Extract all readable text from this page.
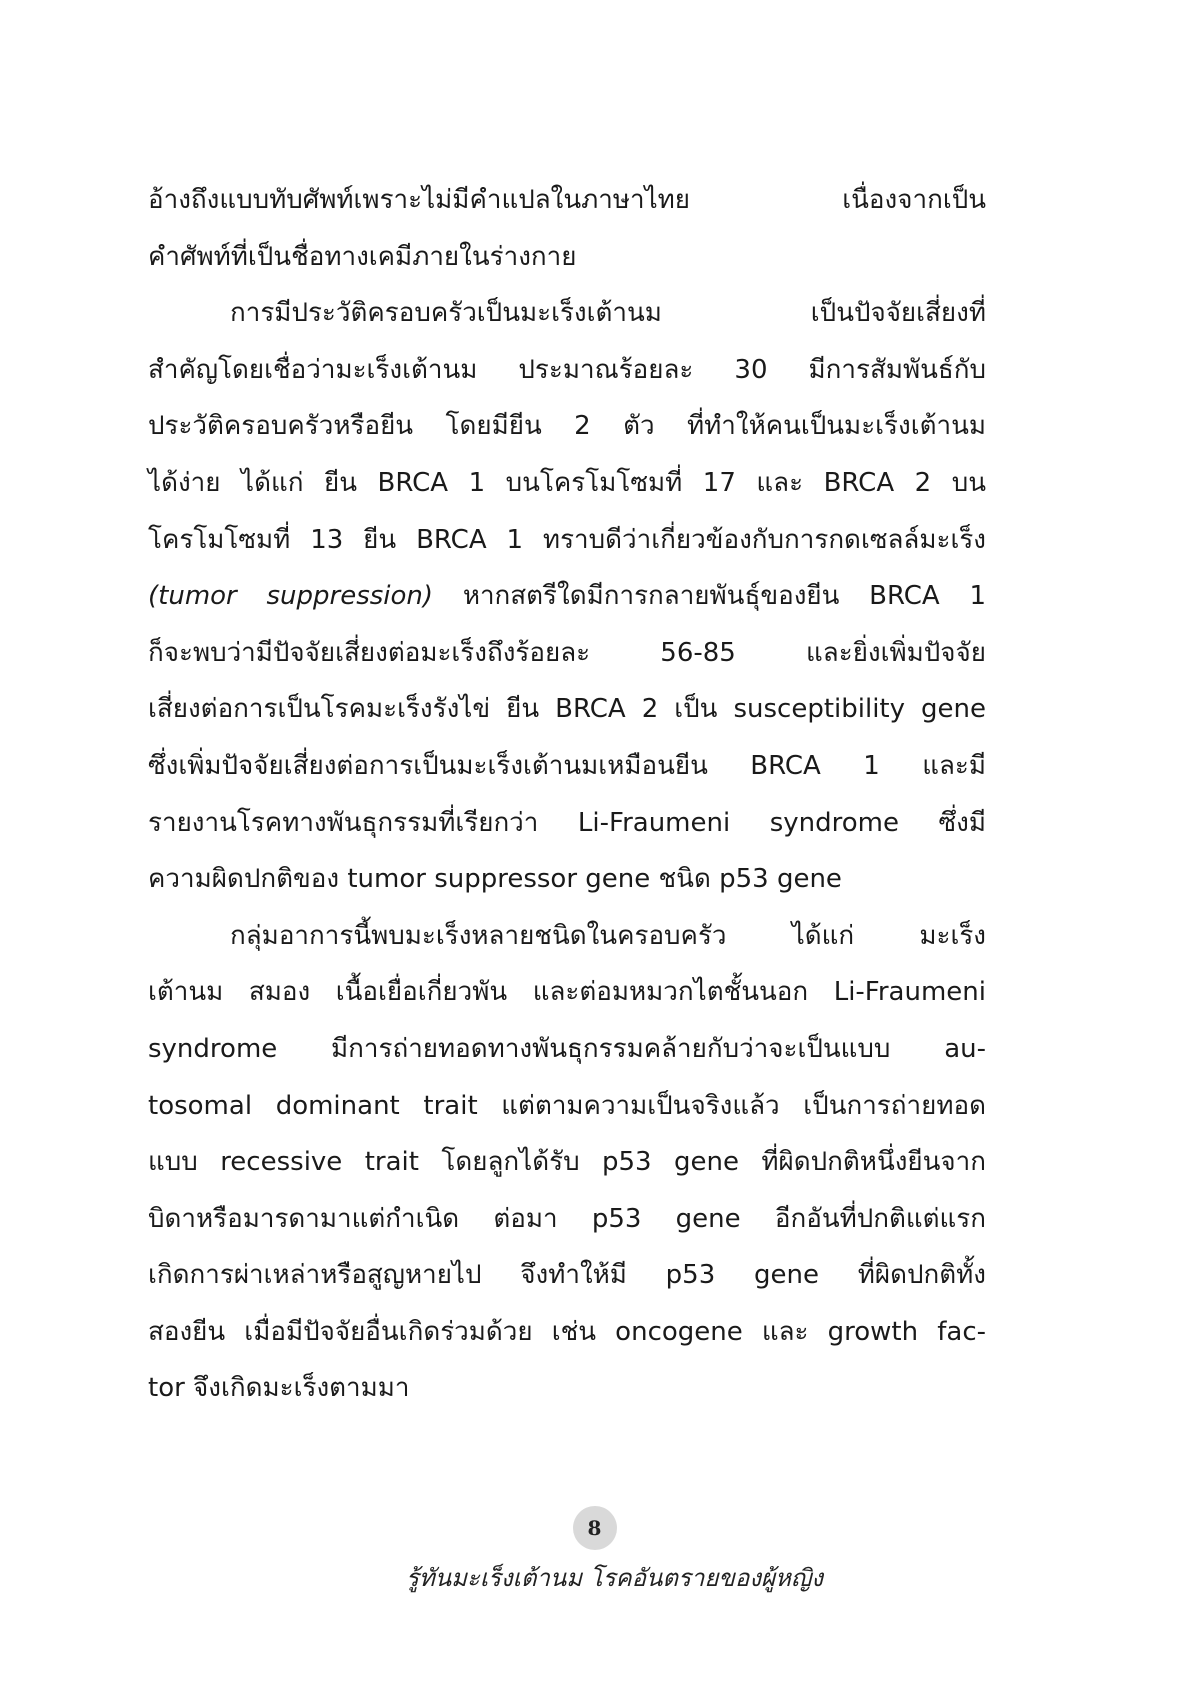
อ้างถึงแบบทับศัพท์เพราะไม่มีคำแปลในภาษาไทย เนื่องจากเป็น
คำศัพท์ที่เป็นชื่อทางเคมีภายในร่างกาย
การมีประวัติครอบครัวเป็นมะเร็งเต้านม เป็นปัจจัยเสี่ยงที่
สำคัญโดยเชื่อว่ามะเร็งเต้านม ประมาณร้อยละ 30 มีการสัมพันธ์กับ
ประวัติครอบครัวหรือยีน โดยมียีน 2 ตัว ที่ทำให้คนเป็นมะเร็งเต้านม
ได้ง่าย ได้แก่ ยีน BRCA 1 บนโครโมโซมที่ 17 และ BRCA 2 บน
โครโมโซมที่ 13 ยีน BRCA 1 ทราบดีว่าเกี่ยวข้องกับการกดเซลล์มะเร็ง
(tumor suppression) หากสตรีใดมีการกลายพันธุ์ของยีน BRCA 1
ก็จะพบว่ามีปัจจัยเสี่ยงต่อมะเร็งถึงร้อยละ 56-85 และยิ่งเพิ่มปัจจัย
เสี่ยงต่อการเป็นโรคมะเร็งรังไข่ ยีน BRCA 2 เป็น susceptibility gene
ซึ่งเพิ่มปัจจัยเสี่ยงต่อการเป็นมะเร็งเต้านมเหมือนยีน BRCA 1 และมี
รายงานโรคทางพันธุกรรมที่เรียกว่า Li-Fraumeni syndrome ซึ่งมี
ความผิดปกติของ tumor suppressor gene ชนิด p53 gene
กลุ่มอาการนี้พบมะเร็งหลายชนิดในครอบครัว ได้แก่ มะเร็ง
เต้านม สมอง เนื้อเยื่อเกี่ยวพัน และต่อมหมวกไตชั้นนอก Li-Fraumeni
syndrome มีการถ่ายทอดทางพันธุกรรมคล้ายกับว่าจะเป็นแบบ au-
tosomal dominant trait แต่ตามความเป็นจริงแล้ว เป็นการถ่ายทอด
แบบ recessive trait โดยลูกได้รับ p53 gene ที่ผิดปกติหนึ่งยีนจาก
บิดาหรือมารดามาแต่กำเนิด ต่อมา p53 gene อีกอันที่ปกติแต่แรก
เกิดการผ่าเหล่าหรือสูญหายไป จึงทำให้มี p53 gene ที่ผิดปกติทั้ง
สองยีน เมื่อมีปัจจัยอื่นเกิดร่วมด้วย เช่น oncogene และ growth fac-
tor จึงเกิดมะเร็งตามมา
8
รู้ทันมะเร็งเต้านม โรคอันตรายของผู้หญิง
